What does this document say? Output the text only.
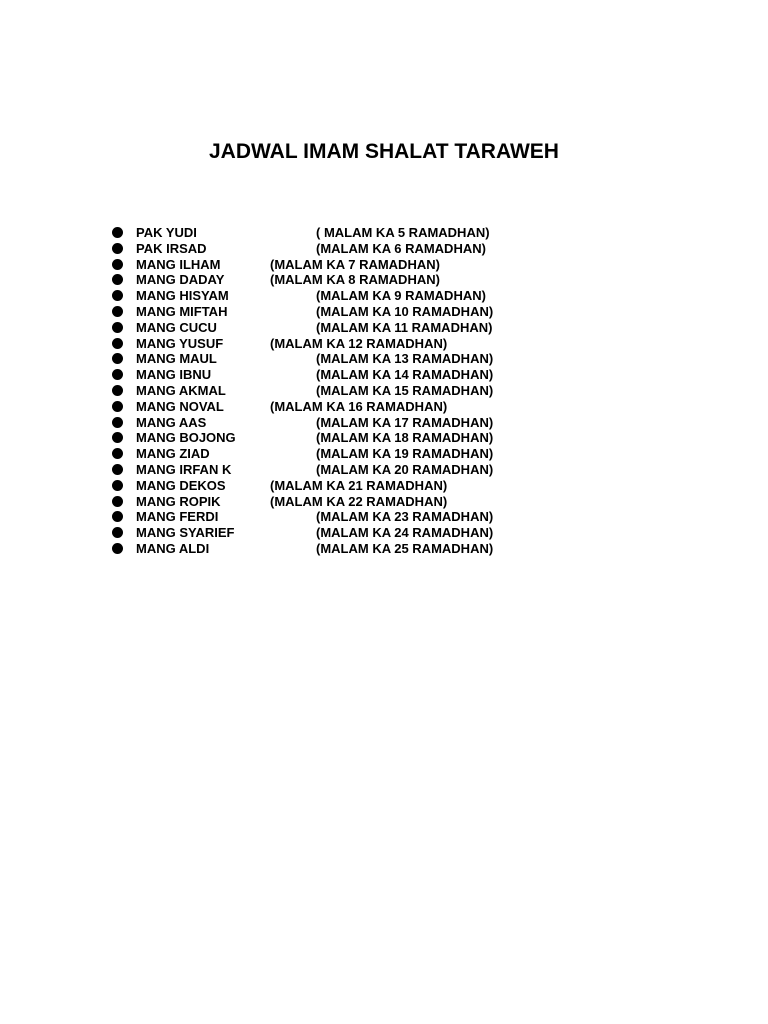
JADWAL IMAM SHALAT TARAWEH
PAK YUDI	( MALAM KA 5 RAMADHAN)
PAK IRSAD	(MALAM KA 6 RAMADHAN)
MANG ILHAM	(MALAM KA 7 RAMADHAN)
MANG DADAY	(MALAM KA 8 RAMADHAN)
MANG HISYAM	(MALAM KA 9 RAMADHAN)
MANG MIFTAH	(MALAM KA 10 RAMADHAN)
MANG CUCU	(MALAM KA 11 RAMADHAN)
MANG YUSUF	(MALAM KA 12 RAMADHAN)
MANG MAUL	(MALAM KA 13 RAMADHAN)
MANG IBNU	(MALAM KA 14 RAMADHAN)
MANG AKMAL	(MALAM KA 15 RAMADHAN)
MANG NOVAL	(MALAM KA 16 RAMADHAN)
MANG AAS	(MALAM KA 17 RAMADHAN)
MANG BOJONG	(MALAM KA 18 RAMADHAN)
MANG ZIAD	(MALAM KA 19 RAMADHAN)
MANG IRFAN K	(MALAM KA 20 RAMADHAN)
MANG DEKOS	(MALAM KA 21 RAMADHAN)
MANG ROPIK	(MALAM KA 22 RAMADHAN)
MANG FERDI	(MALAM KA 23 RAMADHAN)
MANG SYARIEF	(MALAM KA 24 RAMADHAN)
MANG ALDI	(MALAM KA 25 RAMADHAN)
